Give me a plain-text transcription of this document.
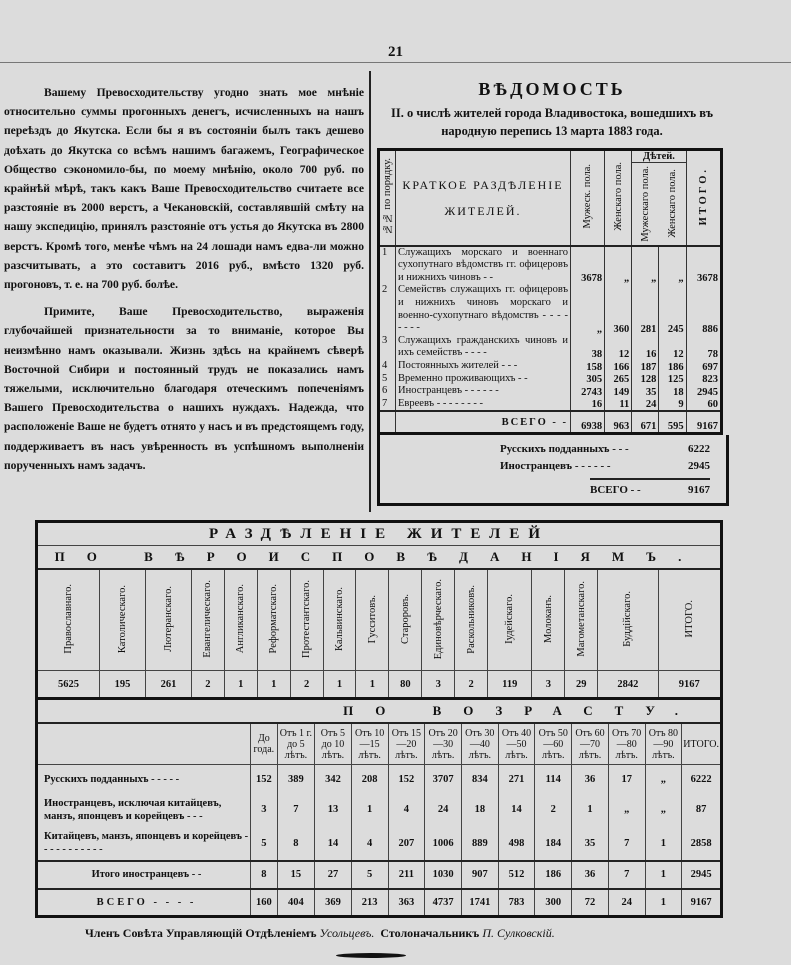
21

Вашему Превосходительству угодно знать мое мнѣніе относительно суммы прогонныхъ денегъ, исчисленныхъ на нашъ переѣздъ до Якутска. Если бы я въ состояніи былъ такъ дешево доѣхать до Якутска со всѣмъ нашимъ багажемъ, Географическое Общество сэкономило-бы, по моему мнѣнію, около 700 руб. по крайнѣй мѣрѣ, такъ какъ Ваше Превосходительство считаете все разстояніе въ 2000 верстъ, а Чекановскій, составлявшій смѣту на нашу экспедицію, принялъ разстояніе отъ устья до Якутска въ 2800 верстъ. Кромѣ того, менѣе чѣмъ на 24 лошади намъ едва-ли можно разсчитывать, а это составитъ 2016 руб., вмѣсто 1320 руб. прогоновъ, т. е. на 700 руб. болѣе.

Примите, Ваше Превосходительство, выраженія глубочайшей признательности за то вниманіе, которое Вы неизмѣнно намъ оказывали. Жизнь здѣсь на крайнемъ сѣверѣ Восточной Сибири и постоянный трудъ не показались намъ тяжелыми, исключительно благодаря отеческимъ попеченіямъ Вашего Превосходительства о нашихъ нуждахъ. Надежда, что расположеніе Ваше не будетъ отнято у насъ и въ предстоящемъ году, поддерживаетъ въ насъ увѣренность въ успѣшномъ выполненіи порученныхъ намъ задачъ.

ВѢДОМОСТЬ
II. о числѣ жителей города Владивостока, вошедшихъ въ народную перепись 13 марта 1883 года.
№№ по порядку.	КРАТКОЕ РАЗДѢЛЕНІЕ ЖИТЕЛЕЙ.	Мужеск. пола.	Женскаго пола.	Дѣтей.
Мужескаго пола. Женскаго пола.		ИТОГО.
1	Служащихъ морскаго и военнаго сухопутнаго вѣдомствъ гг. офицеровъ и нижнихъ чиновъ - -	3678	„	„	„	3678
2	Семействъ служащихъ гг. офицеровъ и нижнихъ чиновъ морскаго и военно-сухопутнаго вѣдомствъ - - - - - - - -	„	360	281	245	886
3	Служащихъ гражданскихъ чиновъ и ихъ семействъ - - - -	38	12	16	12	78
4	Постоянныхъ жителей - - -	158	166	187	186	697
5	Временно проживающихъ - -	305	265	128	125	823
6	Иностранцевъ - - - - - -	2743	149	35	18	2945
7	Евреевъ - - - - - - - -	16	11	24	9	60
	ВСЕГО - -	6938	963	671	595	9167
Русскихъ подданныхъ - - -	6222
Иностранцевъ - - - - - -	2945
ВСЕГО - -	9167
РАЗДѢЛЕНІЕ ЖИТЕЛЕЙ																
ПО ВѢРОИСПОВѢДАНІЯМЪ.																
Православнаго.	Католическаго.	Лютеранскаго.	Евангелическаго.	Англиканскаго.	Реформатскаго.	Протестантскаго.	Кальвинскаго.	Гусситовъ.	Староровъ.	Единовѣрческаго.	Раскольниковъ.	Іудейскаго.	Молоканъ.	Магометанскаго.	Буддійскаго.	ИТОГО.
5625	195	261	2	1	1	2	1	1	80	3	2	119	3	29	2842	9167
ПО ВОЗРАСТУ.													
	До года.	Отъ 1 г. до 5 лѣтъ.	Отъ 5 до 10 лѣтъ.	Отъ 10—15 лѣтъ.	Отъ 15—20 лѣтъ.	Отъ 20—30 лѣтъ.	Отъ 30—40 лѣтъ.	Отъ 40—50 лѣтъ.	Отъ 50—60 лѣтъ.	Отъ 60—70 лѣтъ.	Отъ 70—80 лѣтъ.	Отъ 80—90 лѣтъ.	ИТОГО.
Русскихъ подданныхъ - - - - -	152	389	342	208	152	3707	834	271	114	36	17	„	6222
Иностранцевъ, исключая китайцевъ, манзъ, японцевъ и корейцевъ - - -	3	7	13	1	4	24	18	14	2	1	„	„	87
Китайцевъ, манзъ, японцевъ и корейцевъ - - - - - - - - - - -	5	8	14	4	207	1006	889	498	184	35	7	1	2858
Итого иностранцевъ - -	8	15	27	5	211	1030	907	512	186	36	7	1	2945
ВСЕГО - - - -	160	404	369	213	363	4737	1741	783	300	72	24	1	9167
Членъ Совѣта Управляющій Отдѣленіемъ Усольцевъ. Столоначальникъ П. Сулковскій.
